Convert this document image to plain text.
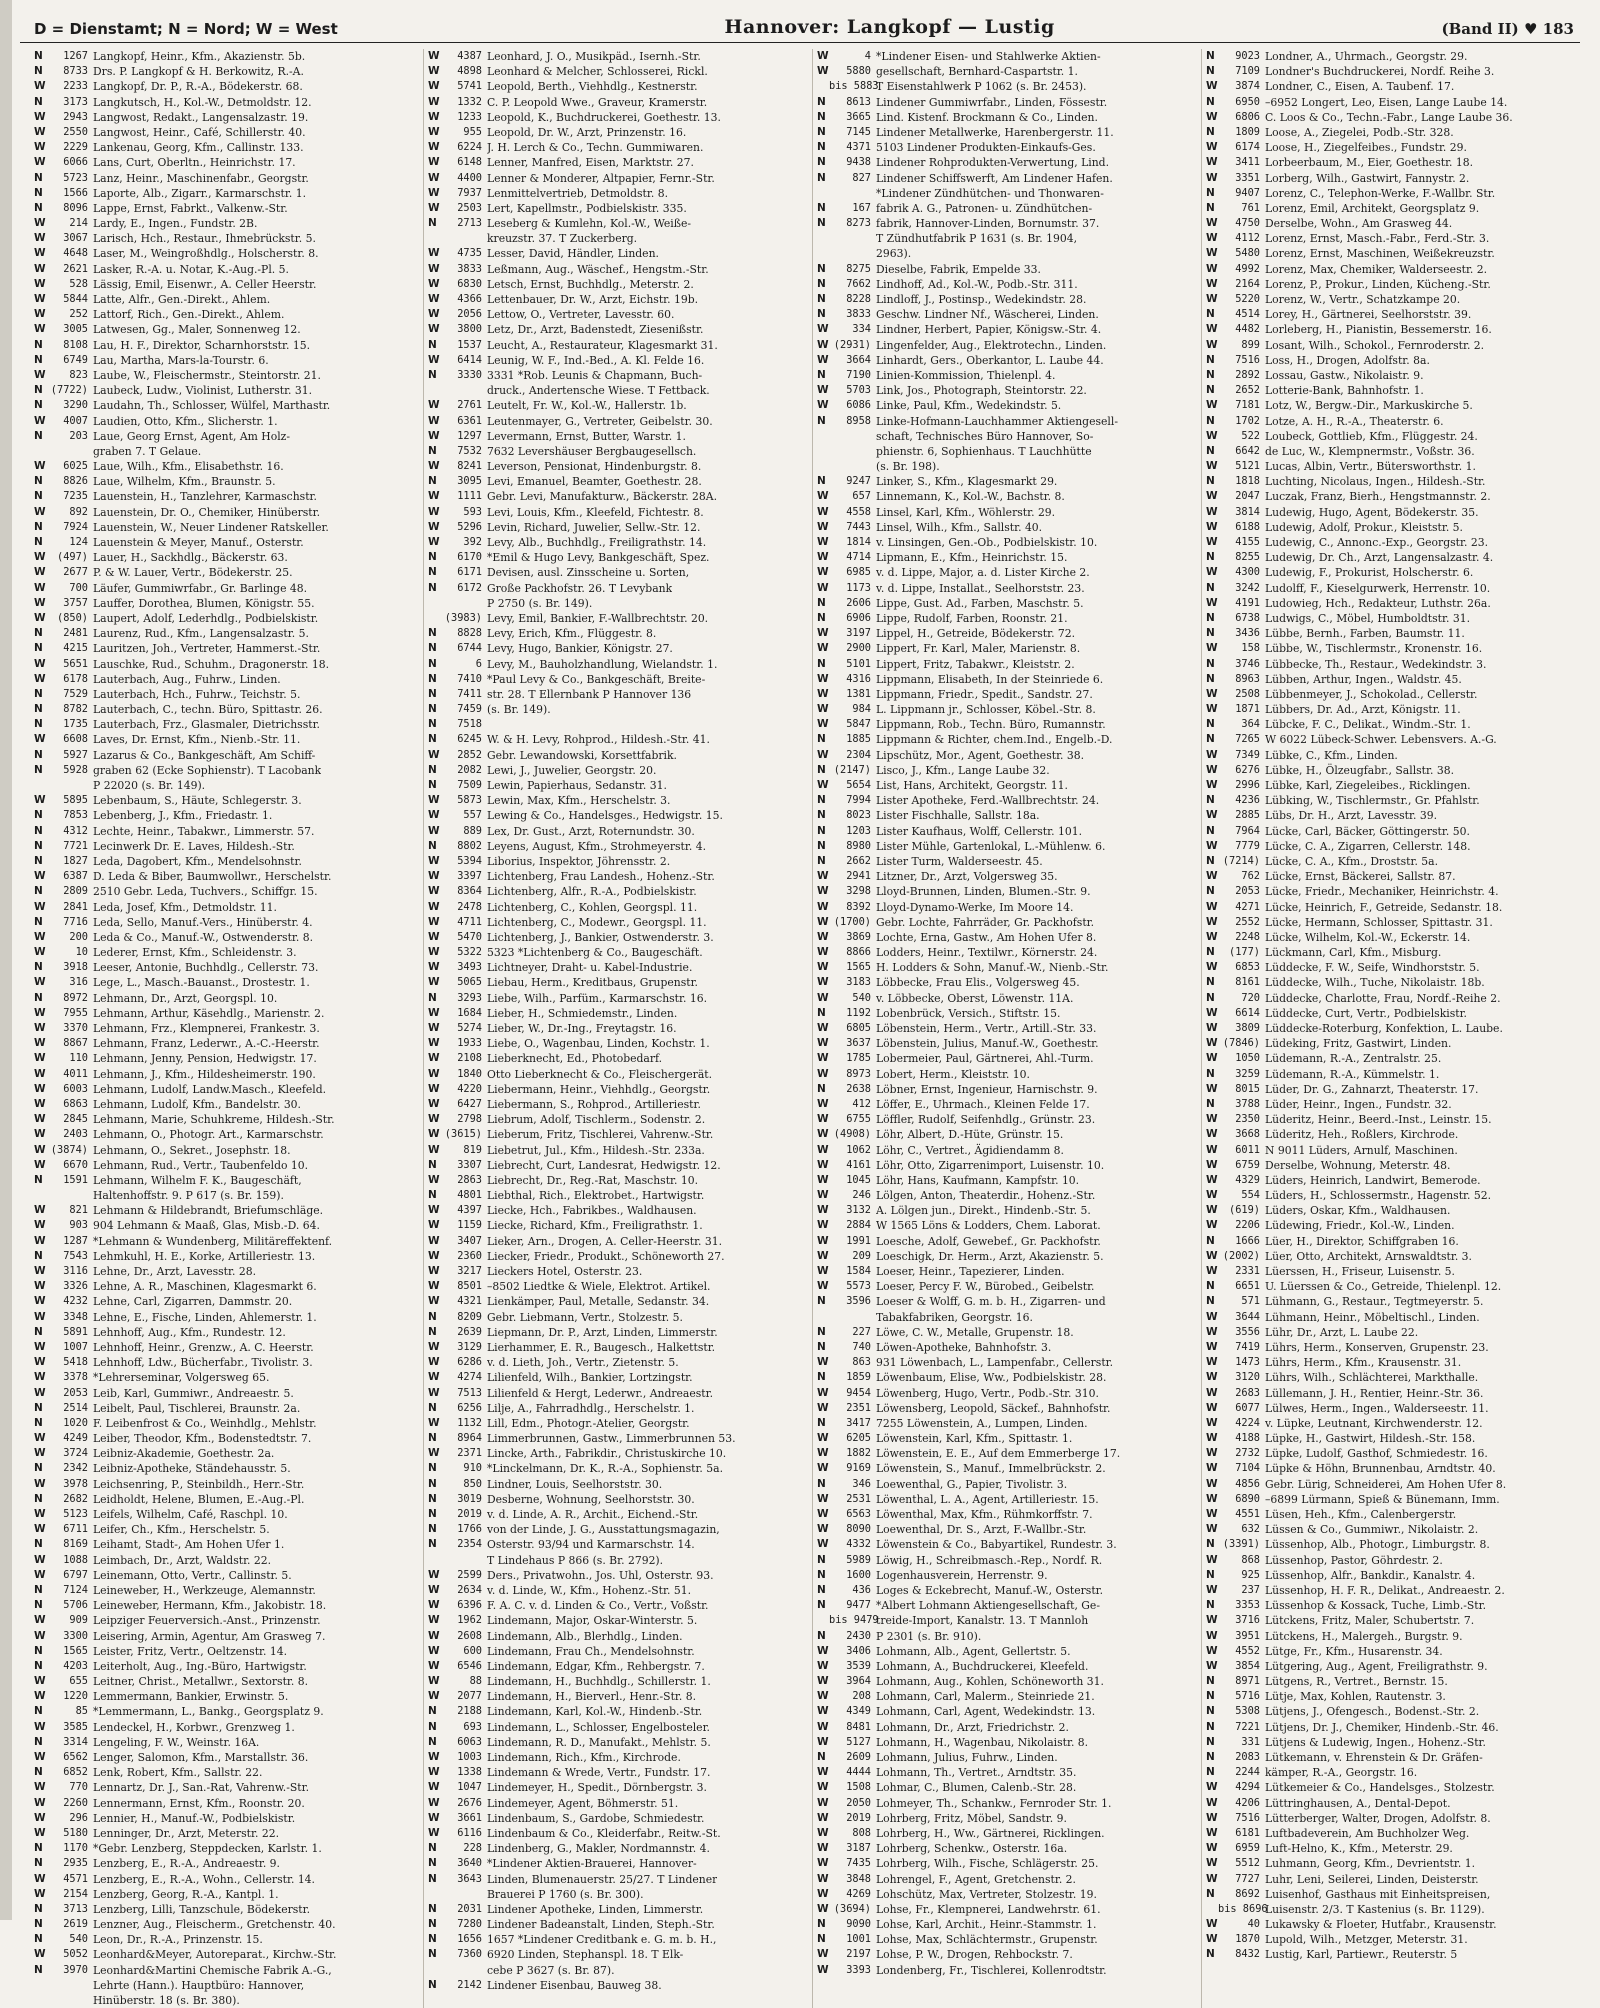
D = Dienstamt; N = Nord; W = West	Hannover: Langkopf — Lustig	(Band II) ♥ 183
N	1267 Langkopf, Heinr., Kfm., Akazienstr. 5b.
N	8733 Drs. P. Langkopf & H. Berkowitz, R.-A.
W	2233 Langkopf, Dr. P., R.-A., Bödekerstr. 68.
N	3173 Langkutsch, H., Kol.-W., Detmoldstr. 12.
W	2943 Langwost, Redakt., Langensalzastr. 19.
W	2550 Langwost, Heinr., Café, Schillerstr. 40.
W	2229 Lankenau, Georg, Kfm., Callinstr. 133.
W	6066 Lans, Curt, Oberltn., Heinrichstr. 17.
N	5723 Lanz, Heinr., Maschinenfabr., Georgstr.
N	1566 Laporte, Alb., Zigarr., Karmarschstr. 1.
N	8096 Lappe, Ernst, Fabrkt., Valkenw.-Str.
W	214 Lardy, E., Ingen., Fundstr. 2B.
W	3067 Larisch, Hch., Restaur., Ihmebrückstr. 5.
W	4648 Laser, M., Weingroßhdlg., Holscherstr. 8.
W	2621 Lasker, R.-A. u. Notar, K.-Aug.-Pl. 5.
W	528 Lässig, Emil, Eisenwr., A. Celler Heerstr.
W	5844 Latte, Alfr., Gen.-Direkt., Ahlem.
W	252 Lattorf, Rich., Gen.-Direkt., Ahlem.
W	3005 Latwesen, Gg., Maler, Sonnenweg 12.
N	8108 Lau, H. F., Direktor, Scharnhorststr. 15.
N	6749 Lau, Martha, Mars-la-Tourstr. 6.
W	823 Laube, W., Fleischermstr., Steintorstr. 21.
N (7722) Laubeck, Ludw., Violinist, Lutherstr. 31.
N	3290 Laudahn, Th., Schlosser, Wülfel, Marthastr.
W	4007 Laudien, Otto, Kfm., Slicherstr. 1.
N	203 Laue, Georg Ernst, Agent, Am Holz-
graben 7. T Gelaue.
W	6025 Laue, Wilh., Kfm., Elisabethstr. 16.
N	8826 Laue, Wilhelm, Kfm., Braunstr. 5.
N	7235 Lauenstein, H., Tanzlehrer, Karmaschstr.
W	892 Lauenstein, Dr. O., Chemiker, Hinüberstr.
N	7924 Lauenstein, W., Neuer Lindener Ratskeller.
N	124 Lauenstein & Meyer, Manuf., Osterstr.
W	(497) Lauer, H., Sackhdlg., Bäckerstr. 63.
W	2677 P. & W. Lauer, Vertr., Bödekerstr. 25.
W	700 Läufer, Gummiwrfabr., Gr. Barlinge 48.
W	3757 Lauffer, Dorothea, Blumen, Königstr. 55.
W	(850) Laupert, Adolf, Lederhdlg., Podbielskistr.
N	2481 Laurenz, Rud., Kfm., Langensalzastr. 5.
N	4215 Lauritzen, Joh., Vertreter, Hammerst.-Str.
W	5651 Lauschke, Rud., Schuhm., Dragonerstr. 18.
W	6178 Lauterbach, Aug., Fuhrw., Linden.
N	7529 Lauterbach, Hch., Fuhrw., Teichstr. 5.
N	8782 Lauterbach, C., techn. Büro, Spittastr. 26.
N	1735 Lauterbach, Frz., Glasmaler, Dietrichsstr.
W	6608 Laves, Dr. Ernst, Kfm., Nienb.-Str. 11.
N	5927 Lazarus & Co., Bankgeschäft, Am Schiff-
N	5928 graben 62 (Ecke Sophienstr). T Lacobank
P 22020 (s. Br. 149).
W	5895 Lebenbaum, S., Häute, Schlegerstr. 3.
N	7853 Lebenberg, J., Kfm., Friedastr. 1.
N	4312 Lechte, Heinr., Tabakwr., Limmerstr. 57.
N	7721 Lecinwerk Dr. E. Laves, Hildesh.-Str.
N	1827 Leda, Dagobert, Kfm., Mendelsohnstr.
W	6387 D. Leda & Biber, Baumwollwr., Herschelstr.
N	2809 2510 Gebr. Leda, Tuchvers., Schiffgr. 15.
W	2841 Leda, Josef, Kfm., Detmoldstr. 11.
N	7716 Leda, Sello, Manuf.-Vers., Hinüberstr. 4.
W	200 Leda & Co., Manuf.-W., Ostwenderstr. 8.
W	10 Lederer, Ernst, Kfm., Schleidenstr. 3.
N	3918 Leeser, Antonie, Buchhdlg., Cellerstr. 73.
W	316 Lege, L., Masch.-Bauanst., Drostestr. 1.
N	8972 Lehmann, Dr., Arzt, Georgspl. 10.
W	7955 Lehmann, Arthur, Käsehdlg., Marienstr. 2.
W	3370 Lehmann, Frz., Klempnerei, Frankestr. 3.
W	8867 Lehmann, Franz, Lederwr., A.-C.-Heerstr.
W	110 Lehmann, Jenny, Pension, Hedwigstr. 17.
W	4011 Lehmann, J., Kfm., Hildesheimerstr. 190.
W	6003 Lehmann, Ludolf, Landw.Masch., Kleefeld.
W	6863 Lehmann, Ludolf, Kfm., Bandelstr. 30.
W	2845 Lehmann, Marie, Schuhkreme, Hildesh.-Str.
W	2403 Lehmann, O., Photogr. Art., Karmarschstr.
W (3874) Lehmann, O., Sekret., Josephstr. 18.
W	6670 Lehmann, Rud., Vertr., Taubenfeldo 10.
N	1591 Lehmann, Wilhelm F. K., Baugeschäft,
Haltenhoffstr. 9. P 617 (s. Br. 159).
W	821 Lehmann & Hildebrandt, Briefumschläge.
W	903 904 Lehmann & Maaß, Glas, Misb.-D. 64.
W	1287 *Lehmann & Wundenberg, Militäreffektenf.
N	7543 Lehmkuhl, H. E., Korke, Artilleriestr. 13.
W	3116 Lehne, Dr., Arzt, Lavesstr. 28.
W	3326 Lehne, A. R., Maschinen, Klagesmarkt 6.
W	4232 Lehne, Carl, Zigarren, Dammstr. 20.
W	3348 Lehne, E., Fische, Linden, Ahlemerstr. 1.
N	5891 Lehnhoff, Aug., Kfm., Rundestr. 12.
W	1007 Lehnhoff, Heinr., Grenzw., A. C. Heerstr.
W	5418 Lehnhoff, Ldw., Bücherfabr., Tivolistr. 3.
W	3378 *Lehrerseminar, Volgersweg 65.
W	2053 Leib, Karl, Gummiwr., Andreaestr. 5.
N	2514 Leibelt, Paul, Tischlerei, Braunstr. 2a.
N	1020 F. Leibenfrost & Co., Weinhdlg., Mehlstr.
W	4249 Leiber, Theodor, Kfm., Bodenstedtstr. 7.
W	3724 Leibniz-Akademie, Goethestr. 2a.
N	2342 Leibniz-Apotheke, Ständehausstr. 5.
W	3978 Leichsenring, P., Steinbildh., Herr.-Str.
N	2682 Leidholdt, Helene, Blumen, E.-Aug.-Pl.
W	5123 Leifels, Wilhelm, Café, Raschpl. 10.
W	6711 Leifer, Ch., Kfm., Herschelstr. 5.
N	8169 Leihamt, Stadt-, Am Hohen Ufer 1.
W	1088 Leimbach, Dr., Arzt, Waldstr. 22.
W	6797 Leinemann, Otto, Vertr., Callinstr. 5.
N	7124 Leineweber, H., Werkzeuge, Alemannstr.
N	5706 Leineweber, Hermann, Kfm., Jakobistr. 18.
W	909 Leipziger Feuerversich.-Anst., Prinzenstr.
W	3300 Leisering, Armin, Agentur, Am Grasweg 7.
N	1565 Leister, Fritz, Vertr., Oeltzenstr. 14.
N	4203 Leiterholt, Aug., Ing.-Büro, Hartwigstr.
W	655 Leitner, Christ., Metallwr., Sextorstr. 8.
W	1220 Lemmermann, Bankier, Erwinstr. 5.
N	85 *Lemmermann, L., Bankg., Georgsplatz 9.
W	3585 Lendeckel, H., Korbwr., Grenzweg 1.
N	3314 Lengeling, F. W., Weinstr. 16A.
W	6562 Lenger, Salomon, Kfm., Marstallstr. 36.
N	6852 Lenk, Robert, Kfm., Sallstr. 22.
W	770 Lennartz, Dr. J., San.-Rat, Vahrenw.-Str.
W	2260 Lennermann, Ernst, Kfm., Roonstr. 20.
W	296 Lennier, H., Manuf.-W., Podbielskistr.
W	5180 Lenninger, Dr., Arzt, Meterstr. 22.
N	1170 *Gebr. Lenzberg, Steppdecken, Karlstr. 1.
N	2935 Lenzberg, E., R.-A., Andreaestr. 9.
W	4571 Lenzberg, E., R.-A., Wohn., Cellerstr. 14.
W	2154 Lenzberg, Georg, R.-A., Kantpl. 1.
N	3713 Lenzberg, Lilli, Tanzschule, Bödekerstr.
N	2619 Lenzner, Aug., Fleischerm., Gretchenstr. 40.
N	540 Leon, Dr., R.-A., Prinzenstr. 15.
W	5052 Leonhard&Meyer, Autoreparat., Kirchw.-Str.
N	3970 Leonhard&Martini Chemische Fabrik A.-G.,
Lehrte (Hann.). Hauptbüro: Hannover,
Hinüberstr. 18 (s. Br. 380).
W	4387 Leonhard, J. O., Musikpäd., Isernh.-Str.
W	4898 Leonhard & Melcher, Schlosserei, Rickl.
W	5741 Leopold, Berth., Viehhdlg., Kestnerstr.
W	1332 C. P. Leopold Wwe., Graveur, Kramerstr.
W	1233 Leopold, K., Buchdruckerei, Goethestr. 13.
W	955 Leopold, Dr. W., Arzt, Prinzenstr. 16.
W	6224 J. H. Lerch & Co., Techn. Gummiwaren.
W	6148 Lenner, Manfred, Eisen, Marktstr. 27.
W	4400 Lenner & Monderer, Altpapier, Fernr.-Str.
W	7937 Lenmittelvertrieb, Detmoldstr. 8.
W	2503 Lert, Kapellmstr., Podbielskistr. 335.
N	2713 Leseberg & Kumlehn, Kol.-W., Weiße-
kreuzstr. 37. T Zuckerberg.
W	4735 Lesser, David, Händler, Linden.
W	3833 Leßmann, Aug., Wäschef., Hengstm.-Str.
W	6830 Letsch, Ernst, Buchhdlg., Meterstr. 2.
W	4366 Lettenbauer, Dr. W., Arzt, Eichstr. 19b.
W	2056 Lettow, O., Vertreter, Lavesstr. 60.
W	3800 Letz, Dr., Arzt, Badenstedt, Ziesenißstr.
N	1537 Leucht, A., Restaurateur, Klagesmarkt 31.
W	6414 Leunig, W. F., Ind.-Bed., A. Kl. Felde 16.
N	3330 3331 *Rob. Leunis & Chapmann, Buch-
druck., Andertensche Wiese. T Fettback.
W	2761 Leutelt, Fr. W., Kol.-W., Hallerstr. 1b.
W	6361 Leutenmayer, G., Vertreter, Geibelstr. 30.
W	1297 Levermann, Ernst, Butter, Warstr. 1.
N	7532 7632 Levershäuser Bergbaugesellsch.
W	8241 Leverson, Pensionat, Hindenburgstr. 8.
N	3095 Levi, Emanuel, Beamter, Goethestr. 28.
W	1111 Gebr. Levi, Manufakturw., Bäckerstr. 28A.
W	593 Levi, Louis, Kfm., Kleefeld, Fichtestr. 8.
W	5296 Levin, Richard, Juwelier, Sellw.-Str. 12.
W	392 Levy, Alb., Buchhdlg., Freiligrathstr. 14.
N	6170 *Emil & Hugo Levy, Bankgeschäft, Spez.
N	6171 Devisen, ausl. Zinsscheine u. Sorten,
N	6172 Große Packhofstr. 26. T Levybank
P 2750 (s. Br. 149).
(3983) Levy, Emil, Bankier, F.-Wallbrechtstr. 20.
N	8828 Levy, Erich, Kfm., Flüggestr. 8.
N	6744 Levy, Hugo, Bankier, Königstr. 27.
N	6 Levy, M., Bauholzhandlung, Wielandstr. 1.
N	7410 *Paul Levy & Co., Bankgeschäft, Breite-
N	7411 str. 28. T Ellernbank P Hannover 136
N	7459 (s. Br. 149).
N	7518
N	6245 W. & H. Levy, Rohprod., Hildesh.-Str. 41.
W	2852 Gebr. Lewandowski, Korsettfabrik.
N	2082 Lewi, J., Juwelier, Georgstr. 20.
N	7509 Lewin, Papierhaus, Sedanstr. 31.
W	5873 Lewin, Max, Kfm., Herschelstr. 3.
W	557 Lewing & Co., Handelsges., Hedwigstr. 15.
W	889 Lex, Dr. Gust., Arzt, Roternundstr. 30.
N	8802 Leyens, August, Kfm., Strohmeyerstr. 4.
W	5394 Liborius, Inspektor, Jöhrensstr. 2.
W	3397 Lichtenberg, Frau Landesh., Hohenz.-Str.
W	8364 Lichtenberg, Alfr., R.-A., Podbielskistr.
W	2478 Lichtenberg, C., Kohlen, Georgspl. 11.
W	4711 Lichtenberg, C., Modewr., Georgspl. 11.
W	5470 Lichtenberg, J., Bankier, Ostwenderstr. 3.
W	5322 5323 *Lichtenberg & Co., Baugeschäft.
W	3493 Lichtneyer, Draht- u. Kabel-Industrie.
W	5065 Liebau, Herm., Kreditbaus, Grupenstr.
N	3293 Liebe, Wilh., Parfüm., Karmarschstr. 16.
W	1684 Lieber, H., Schmiedemstr., Linden.
W	5274 Lieber, W., Dr.-Ing., Freytagstr. 16.
W	1933 Liebe, O., Wagenbau, Linden, Kochstr. 1.
W	2108 Lieberknecht, Ed., Photobedarf.
W	1840 Otto Lieberknecht & Co., Fleischergerät.
W	4220 Liebermann, Heinr., Viehhdlg., Georgstr.
W	6427 Liebermann, S., Rohprod., Artilleriestr.
W	2798 Liebrum, Adolf, Tischlerm., Sodenstr. 2.
W (3615) Lieberum, Fritz, Tischlerei, Vahrenw.-Str.
W	819 Liebetrut, Jul., Kfm., Hildesh.-Str. 233a.
N	3307 Liebrecht, Curt, Landesrat, Hedwigstr. 12.
W	2863 Liebrecht, Dr., Reg.-Rat, Maschstr. 10.
N	4801 Liebthal, Rich., Elektrobet., Hartwigstr.
W	4397 Liecke, Hch., Fabrikbes., Waldhausen.
W	1159 Liecke, Richard, Kfm., Freiligrathstr. 1.
W	3407 Lieker, Arn., Drogen, A. Celler-Heerstr. 31.
W	2360 Liecker, Friedr., Produkt., Schöneworth 27.
W	3217 Lieckers Hotel, Osterstr. 23.
W	8501 –8502 Liedtke & Wiele, Elektrot. Artikel.
W	4321 Lienkämper, Paul, Metalle, Sedanstr. 34.
N	8209 Gebr. Liebmann, Vertr., Stolzestr. 5.
N	2639 Liepmann, Dr. P., Arzt, Linden, Limmerstr.
W	3129 Lierhammer, E. R., Baugesch., Halkettstr.
W	6286 v. d. Lieth, Joh., Vertr., Zietenstr. 5.
W	4274 Lilienfeld, Wilh., Bankier, Lortzingstr.
W	7513 Lilienfeld & Hergt, Lederwr., Andreaestr.
N	6256 Lilje, A., Fahrradhdlg., Herschelstr. 1.
W	1132 Lill, Edm., Photogr.-Atelier, Georgstr.
N	8964 Limmerbrunnen, Gastw., Limmerbrunnen 53.
W	2371 Lincke, Arth., Fabrikdir., Christuskirche 10.
N	910 *Linckelmann, Dr. K., R.-A., Sophienstr. 5a.
N	850 Lindner, Louis, Seelhorststr. 30.
N	3019 Desberne, Wohnung, Seelhorststr. 30.
N	2019 v. d. Linde, A. R., Archit., Eichend.-Str.
N	1766 von der Linde, J. G., Ausstattungsmagazin,
N	2354 Osterstr. 93/94 und Karmarschstr. 14.
T Lindehaus P 866 (s. Br. 2792).
W	2599 Ders., Privatwohn., Jos. Uhl, Osterstr. 93.
W	2634 v. d. Linde, W., Kfm., Hohenz.-Str. 51.
W	6396 F. A. C. v. d. Linden & Co., Vertr., Voßstr.
W	1962 Lindemann, Major, Oskar-Winterstr. 5.
W	2608 Lindemann, Alb., Blerhdlg., Linden.
W	600 Lindemann, Frau Ch., Mendelsohnstr.
W	6546 Lindemann, Edgar, Kfm., Rehbergstr. 7.
W	88 Lindemann, H., Buchhdlg., Schillerstr. 1.
W	2077 Lindemann, H., Bierverl., Henr.-Str. 8.
N	2188 Lindemann, Karl, Kol.-W., Hindenb.-Str.
N	693 Lindemann, L., Schlosser, Engelbosteler.
N	6063 Lindemann, R. D., Manufakt., Mehlstr. 5.
W	1003 Lindemann, Rich., Kfm., Kirchrode.
W	1338 Lindemann & Wrede, Vertr., Fundstr. 17.
W	1047 Lindemeyer, H., Spedit., Dörnbergstr. 3.
W	2676 Lindemeyer, Agent, Böhmerstr. 51.
W	3661 Lindenbaum, S., Gardobe, Schmiedestr.
W	6116 Lindenbaum & Co., Kleiderfabr., Reitw.-St.
N	228 Lindenberg, G., Makler, Nordmannstr. 4.
N	3640 *Lindener Aktien-Brauerei, Hannover-
N	3643 Linden, Blumenauerstr. 25/27. T Lindener
Brauerei P 1760 (s. Br. 300).
N	2031 Lindener Apotheke, Linden, Limmerstr.
N	7280 Lindener Badeanstalt, Linden, Steph.-Str.
N	1656 1657 *Lindener Creditbank e. G. m. b. H.,
N	7360 6920 Linden, Stephanspl. 18. T Elk-
cebe P 3627 (s. Br. 87).
N	2142 Lindener Eisenbau, Bauweg 38.
W	4 *Lindener Eisen- und Stahlwerke Aktien-
W	5880 gesellschaft, Bernhard-Caspartstr. 1.
bis 5883
T Eisenstahlwerk P 1062 (s. Br. 2453).
N	8613 Lindener Gummiwrfabr., Linden, Fössestr.
N	3665 Lind. Kistenf. Brockmann & Co., Linden.
N	7145 Lindener Metallwerke, Harenbergerstr. 11.
N	4371 5103 Lindener Produkten-Einkaufs-Ges.
N	9438 Lindener Rohprodukten-Verwertung, Lind.
N	827 Lindener Schiffswerft, Am Lindener Hafen.
*Lindener Zündhütchen- und Thonwaren-
N	167 fabrik A. G., Patronen- u. Zündhütchen-
N	8273 fabrik, Hannover-Linden, Bornumstr. 37.
T Zündhutfabrik P 1631 (s. Br. 1904,
2963).
N	8275 Dieselbe, Fabrik, Empelde 33.
N	7662 Lindhoff, Ad., Kol.-W., Podb.-Str. 311.
N	8228 Lindloff, J., Postinsp., Wedekindstr. 28.
N	3833 Geschw. Lindner Nf., Wäscherei, Linden.
W	334 Lindner, Herbert, Papier, Königsw.-Str. 4.
W (2931) Lingenfelder, Aug., Elektrotechn., Linden.
W	3664 Linhardt, Gers., Oberkantor, L. Laube 44.
N	7190 Linien-Kommission, Thielenpl. 4.
W	5703 Link, Jos., Photograph, Steintorstr. 22.
W	6086 Linke, Paul, Kfm., Wedekindstr. 5.
N	8958 Linke-Hofmann-Lauchhammer Aktiengesell-
schaft, Technisches Büro Hannover, So-
phienstr. 6, Sophienhaus. T Lauchhütte
(s. Br. 198).
N	9247 Linker, S., Kfm., Klagesmarkt 29.
W	657 Linnemann, K., Kol.-W., Bachstr. 8.
W	4558 Linsel, Karl, Kfm., Wöhlerstr. 29.
W	7443 Linsel, Wilh., Kfm., Sallstr. 40.
W	1814 v. Linsingen, Gen.-Ob., Podbielskistr. 10.
W	4714 Lipmann, E., Kfm., Heinrichstr. 15.
W	6985 v. d. Lippe, Major, a. d. Lister Kirche 2.
W	1173 v. d. Lippe, Installat., Seelhorststr. 23.
N	2606 Lippe, Gust. Ad., Farben, Maschstr. 5.
N	6906 Lippe, Rudolf, Farben, Roonstr. 21.
W	3197 Lippel, H., Getreide, Bödekerstr. 72.
W	2900 Lippert, Fr. Karl, Maler, Marienstr. 8.
N	5101 Lippert, Fritz, Tabakwr., Kleiststr. 2.
W	4316 Lippmann, Elisabeth, In der Steinriede 6.
W	1381 Lippmann, Friedr., Spedit., Sandstr. 27.
W	984 L. Lippmann jr., Schlosser, Köbel.-Str. 8.
W	5847 Lippmann, Rob., Techn. Büro, Rumannstr.
N	1885 Lippmann & Richter, chem.Ind., Engelb.-D.
W	2304 Lipschütz, Mor., Agent, Goethestr. 38.
N (2147) Lisco, J., Kfm., Lange Laube 32.
W	5654 List, Hans, Architekt, Georgstr. 11.
N	7994 Lister Apotheke, Ferd.-Wallbrechtstr. 24.
N	8023 Lister Fischhalle, Sallstr. 18a.
N	1203 Lister Kaufhaus, Wolff, Cellerstr. 101.
N	8980 Lister Mühle, Gartenlokal, L.-Mühlenw. 6.
N	2662 Lister Turm, Walderseestr. 45.
W	2941 Litzner, Dr., Arzt, Volgersweg 35.
W	3298 Lloyd-Brunnen, Linden, Blumen.-Str. 9.
W	8392 Lloyd-Dynamo-Werke, Im Moore 14.
W (1700) Gebr. Lochte, Fahrräder, Gr. Packhofstr.
W	3869 Lochte, Erna, Gastw., Am Hohen Ufer 8.
W	8866 Lodders, Heinr., Textilwr., Körnerstr. 24.
W	1565 H. Lodders & Sohn, Manuf.-W., Nienb.-Str.
W	3183 Löbbecke, Frau Elis., Volgersweg 45.
W	540 v. Löbbecke, Oberst, Löwenstr. 11A.
N	1192 Lobenbrück, Versich., Stiftstr. 15.
W	6805 Löbenstein, Herm., Vertr., Artill.-Str. 33.
W	3637 Löbenstein, Julius, Manuf.-W., Goethestr.
W	1785 Lobermeier, Paul, Gärtnerei, Ahl.-Turm.
W	8973 Lobert, Herm., Kleiststr. 10.
N	2638 Löbner, Ernst, Ingenieur, Harnischstr. 9.
W	412 Löffer, E., Uhrmach., Kleinen Felde 17.
W	6755 Löffler, Rudolf, Seifenhdlg., Grünstr. 23.
W (4908) Löhr, Albert, D.-Hüte, Grünstr. 15.
W	1062 Löhr, C., Vertret., Ägidiendamm 8.
W	4161 Löhr, Otto, Zigarrenimport, Luisenstr. 10.
W	1045 Löhr, Hans, Kaufmann, Kampfstr. 10.
W	246 Lölgen, Anton, Theaterdir., Hohenz.-Str.
W	3132 A. Lölgen jun., Direkt., Hindenb.-Str. 5.
W	2884 W 1565 Löns & Lodders, Chem. Laborat.
W	1991 Loesche, Adolf, Gewebef., Gr. Packhofstr.
W	209 Loeschigk, Dr. Herm., Arzt, Akazienstr. 5.
W	1584 Loeser, Heinr., Tapezierer, Linden.
W	5573 Loeser, Percy F. W., Bürobed., Geibelstr.
N	3596 Loeser & Wolff, G. m. b. H., Zigarren- und
Tabakfabriken, Georgstr. 16.
N	227 Löwe, C. W., Metalle, Grupenstr. 18.
N	740 Löwen-Apotheke, Bahnhofstr. 3.
W	863 931 Löwenbach, L., Lampenfabr., Cellerstr.
N	1859 Löwenbaum, Elise, Ww., Podbielskistr. 28.
W	9454 Löwenberg, Hugo, Vertr., Podb.-Str. 310.
W	2351 Löwensberg, Leopold, Säckef., Bahnhofstr.
N	3417 7255 Löwenstein, A., Lumpen, Linden.
W	6205 Löwenstein, Karl, Kfm., Spittastr. 1.
W	1882 Löwenstein, E. E., Auf dem Emmerberge 17.
W	9169 Löwenstein, S., Manuf., Immelbrückstr. 2.
N	346 Loewenthal, G., Papier, Tivolistr. 3.
W	2531 Löwenthal, L. A., Agent, Artilleriestr. 15.
W	6563 Löwenthal, Max, Kfm., Rühmkorffstr. 7.
W	8090 Loewenthal, Dr. S., Arzt, F.-Wallbr.-Str.
W	4332 Löwenstein & Co., Babyartikel, Rundestr. 3.
N	5989 Löwig, H., Schreibmasch.-Rep., Nordf. R.
N	1600 Logenhausverein, Herrenstr. 9.
N	436 Loges & Eckebrecht, Manuf.-W., Osterstr.
N	9477 *Albert Lohmann Aktiengesellschaft, Ge-
bis 9479
treide-Import, Kanalstr. 13. T Mannloh
N	2430 P 2301 (s. Br. 910).
W	3406 Lohmann, Alb., Agent, Gellertstr. 5.
W	3539 Lohmann, A., Buchdruckerei, Kleefeld.
W	3964 Lohmann, Aug., Kohlen, Schöneworth 31.
W	208 Lohmann, Carl, Malerm., Steinriede 21.
W	4349 Lohmann, Carl, Agent, Wedekindstr. 13.
W	8481 Lohmann, Dr., Arzt, Friedrichstr. 2.
W	5127 Lohmann, H., Wagenbau, Nikolaistr. 8.
N	2609 Lohmann, Julius, Fuhrw., Linden.
W	4444 Lohmann, Th., Vertret., Arndtstr. 35.
W	1508 Lohmar, C., Blumen, Calenb.-Str. 28.
W	2050 Lohmeyer, Th., Schankw., Fernroder Str. 1.
W	2019 Lohrberg, Fritz, Möbel, Sandstr. 9.
W	808 Lohrberg, H., Ww., Gärtnerei, Ricklingen.
W	3187 Lohrberg, Schenkw., Osterstr. 16a.
W	7435 Lohrberg, Wilh., Fische, Schlägerstr. 25.
W	3848 Lohrengel, F., Agent, Gretchenstr. 2.
W	4269 Lohschütz, Max, Vertreter, Stolzestr. 19.
W (3694) Lohse, Fr., Klempnerei, Landwehrstr. 61.
N	9090 Lohse, Karl, Archit., Heinr.-Stammstr. 1.
N	1001 Lohse, Max, Schlächtermstr., Grupenstr.
W	2197 Lohse, P. W., Drogen, Rehbockstr. 7.
W	3393 Londenberg, Fr., Tischlerei, Kollenrodtstr.
N	9023 Londner, A., Uhrmach., Georgstr. 29.
N	7109 Londner's Buchdruckerei, Nordf. Reihe 3.
W	3874 Londner, C., Eisen, A. Taubenf. 17.
N	6950 –6952 Longert, Leo, Eisen, Lange Laube 14.
W	6806 C. Loos & Co., Techn.-Fabr., Lange Laube 36.
N	1809 Loose, A., Ziegelei, Podb.-Str. 328.
W	6174 Loose, H., Ziegelfeibes., Fundstr. 29.
W	3411 Lorbeerbaum, M., Eier, Goethestr. 18.
W	3351 Lorberg, Wilh., Gastwirt, Fannystr. 2.
N	9407 Lorenz, C., Telephon-Werke, F.-Wallbr. Str.
N	761 Lorenz, Emil, Architekt, Georgsplatz 9.
W	4750 Derselbe, Wohn., Am Grasweg 44.
W	4112 Lorenz, Ernst, Masch.-Fabr., Ferd.-Str. 3.
W	5480 Lorenz, Ernst, Maschinen, Weißekreuzstr.
W	4992 Lorenz, Max, Chemiker, Walderseestr. 2.
W	2164 Lorenz, P., Prokur., Linden, Kücheng.-Str.
W	5220 Lorenz, W., Vertr., Schatzkampe 20.
N	4514 Lorey, H., Gärtnerei, Seelhorststr. 39.
W	4482 Lorleberg, H., Pianistin, Bessemerstr. 16.
W	899 Losant, Wilh., Schokol., Fernroderstr. 2.
N	7516 Loss, H., Drogen, Adolfstr. 8a.
N	2892 Lossau, Gastw., Nikolaistr. 9.
N	2652 Lotterie-Bank, Bahnhofstr. 1.
W	7181 Lotz, W., Bergw.-Dir., Markuskirche 5.
N	1702 Lotze, A. H., R.-A., Theaterstr. 6.
W	522 Loubeck, Gottlieb, Kfm., Flüggestr. 24.
N	6642 de Luc, W., Klempnermstr., Voßstr. 36.
W	5121 Lucas, Albin, Vertr., Bütersworthstr. 1.
N	1818 Luchting, Nicolaus, Ingen., Hildesh.-Str.
W	2047 Luczak, Franz, Bierh., Hengstmannstr. 2.
W	3814 Ludewig, Hugo, Agent, Bödekerstr. 35.
W	6188 Ludewig, Adolf, Prokur., Kleiststr. 5.
W	4155 Ludewig, C., Annonc.-Exp., Georgstr. 23.
N	8255 Ludewig, Dr. Ch., Arzt, Langensalzastr. 4.
W	4300 Ludewig, F., Prokurist, Holscherstr. 6.
N	3242 Ludolff, F., Kieselgurwerk, Herrenstr. 10.
W	4191 Ludowieg, Hch., Redakteur, Luthstr. 26a.
N	6738 Ludwigs, C., Möbel, Humboldtstr. 31.
N	3436 Lübbe, Bernh., Farben, Baumstr. 11.
W	158 Lübbe, W., Tischlermstr., Kronenstr. 16.
N	3746 Lübbecke, Th., Restaur., Wedekindstr. 3.
N	8963 Lübben, Arthur, Ingen., Waldstr. 45.
W	2508 Lübbenmeyer, J., Schokolad., Cellerstr.
W	1871 Lübbers, Dr. Ad., Arzt, Königstr. 11.
N	364 Lübcke, F. C., Delikat., Windm.-Str. 1.
N	7265 W 6022 Lübeck-Schwer. Lebensvers. A.-G.
W	7349 Lübke, C., Kfm., Linden.
W	6276 Lübke, H., Ölzeugfabr., Sallstr. 38.
W	2996 Lübke, Karl, Ziegeleibes., Ricklingen.
N	4236 Lübking, W., Tischlermstr., Gr. Pfahlstr.
W	2885 Lübs, Dr. H., Arzt, Lavesstr. 39.
N	7964 Lücke, Carl, Bäcker, Göttingerstr. 50.
W	7779 Lücke, C. A., Zigarren, Cellerstr. 148.
N (7214) Lücke, C. A., Kfm., Droststr. 5a.
W	762 Lücke, Ernst, Bäckerei, Sallstr. 87.
N	2053 Lücke, Friedr., Mechaniker, Heinrichstr. 4.
W	4271 Lücke, Heinrich, F., Getreide, Sedanstr. 18.
W	2552 Lücke, Hermann, Schlosser, Spittastr. 31.
W	2248 Lücke, Wilhelm, Kol.-W., Eckerstr. 14.
N	(177) Lückmann, Carl, Kfm., Misburg.
W	6853 Lüddecke, F. W., Seife, Windhorststr. 5.
N	8161 Lüddecke, Wilh., Tuche, Nikolaistr. 18b.
N	720 Lüddecke, Charlotte, Frau, Nordf.-Reihe 2.
W	6614 Lüddecke, Curt, Vertr., Podbielskistr.
W	3809 Lüddecke-Roterburg, Konfektion, L. Laube.
W (7846) Lüdeking, Fritz, Gastwirt, Linden.
W	1050 Lüdemann, R.-A., Zentralstr. 25.
N	3259 Lüdemann, R.-A., Kümmelstr. 1.
W	8015 Lüder, Dr. G., Zahnarzt, Theaterstr. 17.
N	3788 Lüder, Heinr., Ingen., Fundstr. 32.
W	2350 Lüderitz, Heinr., Beerd.-Inst., Leinstr. 15.
W	3668 Lüderitz, Heh., Roßlers, Kirchrode.
W	6011 N 9011 Lüders, Arnulf, Maschinen.
W	6759 Derselbe, Wohnung, Meterstr. 48.
W	4329 Lüders, Heinrich, Landwirt, Bemerode.
W	554 Lüders, H., Schlossermstr., Hagenstr. 52.
W	(619) Lüders, Oskar, Kfm., Waldhausen.
W	2206 Lüdewing, Friedr., Kol.-W., Linden.
N	1666 Lüer, H., Direktor, Schiffgraben 16.
W (2002) Lüer, Otto, Architekt, Arnswaldtstr. 3.
W	2331 Lüerssen, H., Friseur, Luisenstr. 5.
N	6651 U. Lüerssen & Co., Getreide, Thielenpl. 12.
N	571 Lühmann, G., Restaur., Tegtmeyerstr. 5.
W	3644 Lühmann, Heinr., Möbeltischl., Linden.
W	3556 Lühr, Dr., Arzt, L. Laube 22.
W	7419 Lührs, Herm., Konserven, Grupenstr. 23.
W	1473 Lührs, Herm., Kfm., Krausenstr. 31.
W	3120 Lührs, Wilh., Schlächterei, Markthalle.
W	2683 Lüllemann, J. H., Rentier, Heinr.-Str. 36.
W	6077 Lülwes, Herm., Ingen., Walderseestr. 11.
W	4224 v. Lüpke, Leutnant, Kirchwenderstr. 12.
W	4188 Lüpke, H., Gastwirt, Hildesh.-Str. 158.
W	2732 Lüpke, Ludolf, Gasthof, Schmiedestr. 16.
W	7104 Lüpke & Höhn, Brunnenbau, Arndtstr. 40.
W	4856 Gebr. Lürig, Schneiderei, Am Hohen Ufer 8.
W	6890 –6899 Lürmann, Spieß & Bünemann, Imm.
W	4551 Lüsen, Heh., Kfm., Calenbergerstr.
W	632 Lüssen & Co., Gummiwr., Nikolaistr. 2.
N (3391) Lüssenhop, Alb., Photogr., Limburgstr. 8.
W	868 Lüssenhop, Pastor, Göhrdestr. 2.
N	925 Lüssenhop, Alfr., Bankdir., Kanalstr. 4.
W	237 Lüssenhop, H. F. R., Delikat., Andreaestr. 2.
N	3353 Lüssenhop & Kossack, Tuche, Limb.-Str.
W	3716 Lütckens, Fritz, Maler, Schubertstr. 7.
W	3951 Lütckens, H., Malergeh., Burgstr. 9.
W	4552 Lütge, Fr., Kfm., Husarenstr. 34.
W	3854 Lütgering, Aug., Agent, Freiligrathstr. 9.
N	8971 Lütgens, R., Vertret., Bernstr. 15.
N	5716 Lütje, Max, Kohlen, Rautenstr. 3.
N	5308 Lütjens, J., Ofengesch., Bodenst.-Str. 2.
N	7221 Lütjens, Dr. J., Chemiker, Hindenb.-Str. 46.
N	331 Lütjens & Ludewig, Ingen., Hohenz.-Str.
N	2083 Lütkemann, v. Ehrenstein & Dr. Gräfen-
N	2244 kämper, R.-A., Georgstr. 16.
W	4294 Lütkemeier & Co., Handelsges., Stolzestr.
W	4206 Lüttringhausen, A., Dental-Depot.
W	7516 Lütterberger, Walter, Drogen, Adolfstr. 8.
W	6181 Luftbadeverein, Am Buchholzer Weg.
W	6959 Luft-Helno, K., Kfm., Meterstr. 29.
W	5512 Luhmann, Georg, Kfm., Devrientstr. 1.
W	7727 Luhr, Leni, Seilerei, Linden, Deisterstr.
N	8692 Luisenhof, Gasthaus mit Einheitspreisen,
bis 8696
Luisenstr. 2/3. T Kastenius (s. Br. 1129).
W	40 Lukawsky & Floeter, Hutfabr., Krausenstr.
W	1870 Lupold, Wilh., Metzger, Meterstr. 31.
N	8432 Lustig, Karl, Partiewr., Reuterstr. 5
